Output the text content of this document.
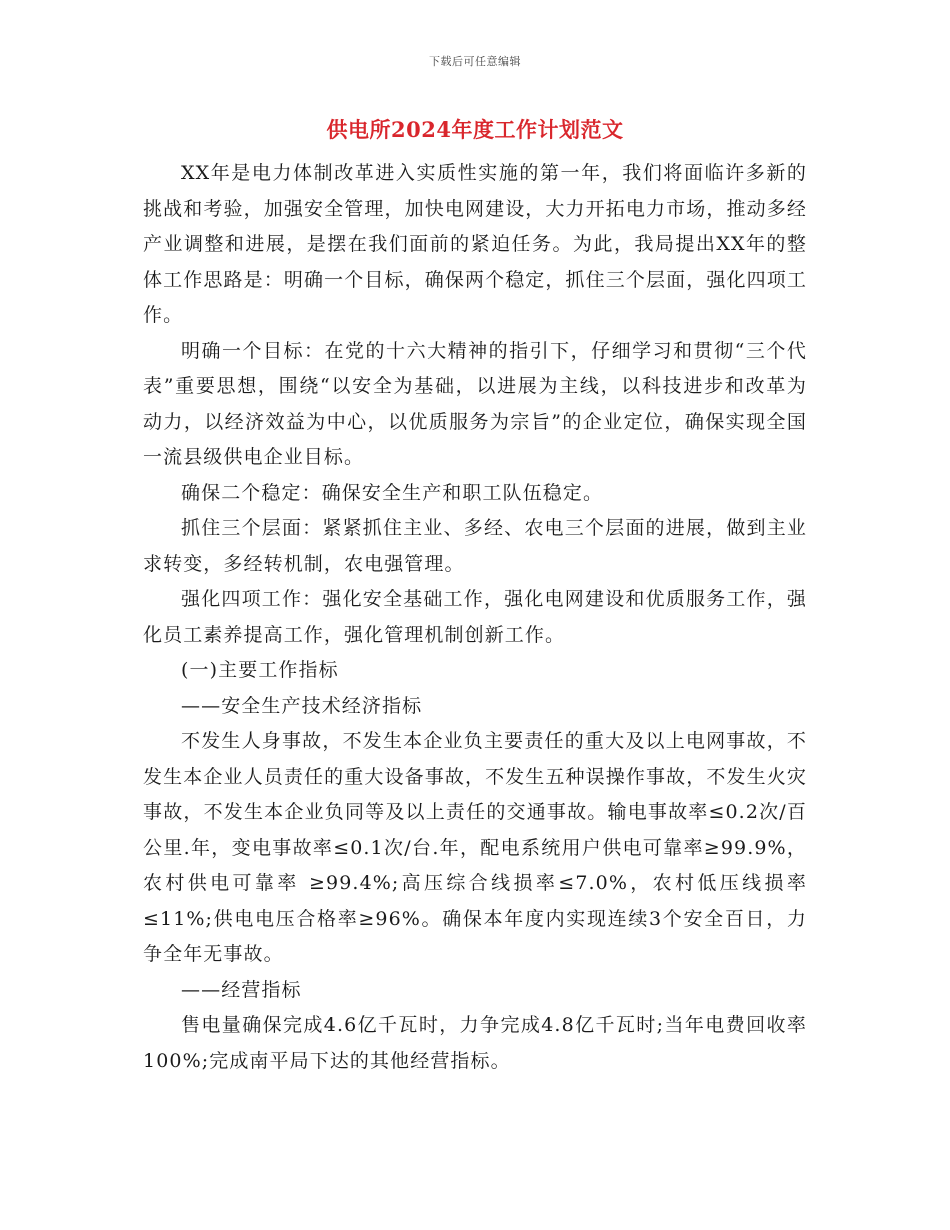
下载后可任意编辑
供电所2024年度工作计划范文

XX年是电力体制改革进入实质性实施的第一年，我们将面临许多新的挑战和考验，加强安全管理，加快电网建设，大力开拓电力市场，推动多经产业调整和进展，是摆在我们面前的紧迫任务。为此，我局提出XX年的整体工作思路是：明确一个目标，确保两个稳定，抓住三个层面，强化四项工作。

明确一个目标：在党的十六大精神的指引下，仔细学习和贯彻“三个代表”重要思想，围绕“以安全为基础，以进展为主线，以科技进步和改革为动力，以经济效益为中心，以优质服务为宗旨”的企业定位，确保实现全国一流县级供电企业目标。

确保二个稳定：确保安全生产和职工队伍稳定。

抓住三个层面：紧紧抓住主业、多经、农电三个层面的进展，做到主业求转变，多经转机制，农电强管理。

强化四项工作：强化安全基础工作，强化电网建设和优质服务工作，强化员工素养提高工作，强化管理机制创新工作。

(一)主要工作指标

——安全生产技术经济指标

不发生人身事故，不发生本企业负主要责任的重大及以上电网事故，不发生本企业人员责任的重大设备事故，不发生五种误操作事故，不发生火灾事故，不发生本企业负同等及以上责任的交通事故。输电事故率≤0.2次/百公里.年，变电事故率≤0.1次/台.年，配电系统用户供电可靠率≥99.9%，农村供电可靠率 ≥99.4%;高压综合线损率≤7.0%，农村低压线损率≤11%;供电电压合格率≥96%。确保本年度内实现连续3个安全百日，力争全年无事故。

——经营指标

售电量确保完成4.6亿千瓦时，力争完成4.8亿千瓦时;当年电费回收率100%;完成南平局下达的其他经营指标。
